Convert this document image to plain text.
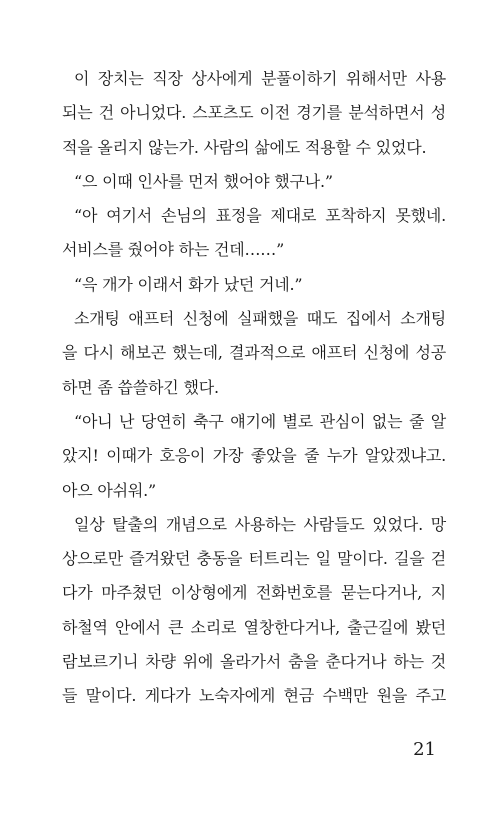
이 장치는 직장 상사에게 분풀이하기 위해서만 사용
되는 건 아니었다. 스포츠도 이전 경기를 분석하면서 성
적을 올리지 않는가. 사람의 삶에도 적용할 수 있었다.
“으 이때 인사를 먼저 했어야 했구나.”
“아 여기서 손님의 표정을 제대로 포착하지 못했네.
서비스를 줬어야 하는 건데……”
“윽 개가 이래서 화가 났던 거네.”
소개팅 애프터 신청에 실패했을 때도 집에서 소개팅
을 다시 해보곤 했는데, 결과적으로 애프터 신청에 성공
하면 좀 씁쓸하긴 했다.
“아니 난 당연히 축구 얘기에 별로 관심이 없는 줄 알
았지! 이때가 호응이 가장 좋았을 줄 누가 알았겠냐고.
아으 아쉬워.”
일상 탈출의 개념으로 사용하는 사람들도 있었다. 망
상으로만 즐겨왔던 충동을 터트리는 일 말이다. 길을 걷
다가 마주쳤던 이상형에게 전화번호를 묻는다거나, 지
하철역 안에서 큰 소리로 열창한다거나, 출근길에 봤던
람보르기니 차량 위에 올라가서 춤을 춘다거나 하는 것
들 말이다. 게다가 노숙자에게 현금 수백만 원을 주고
21
